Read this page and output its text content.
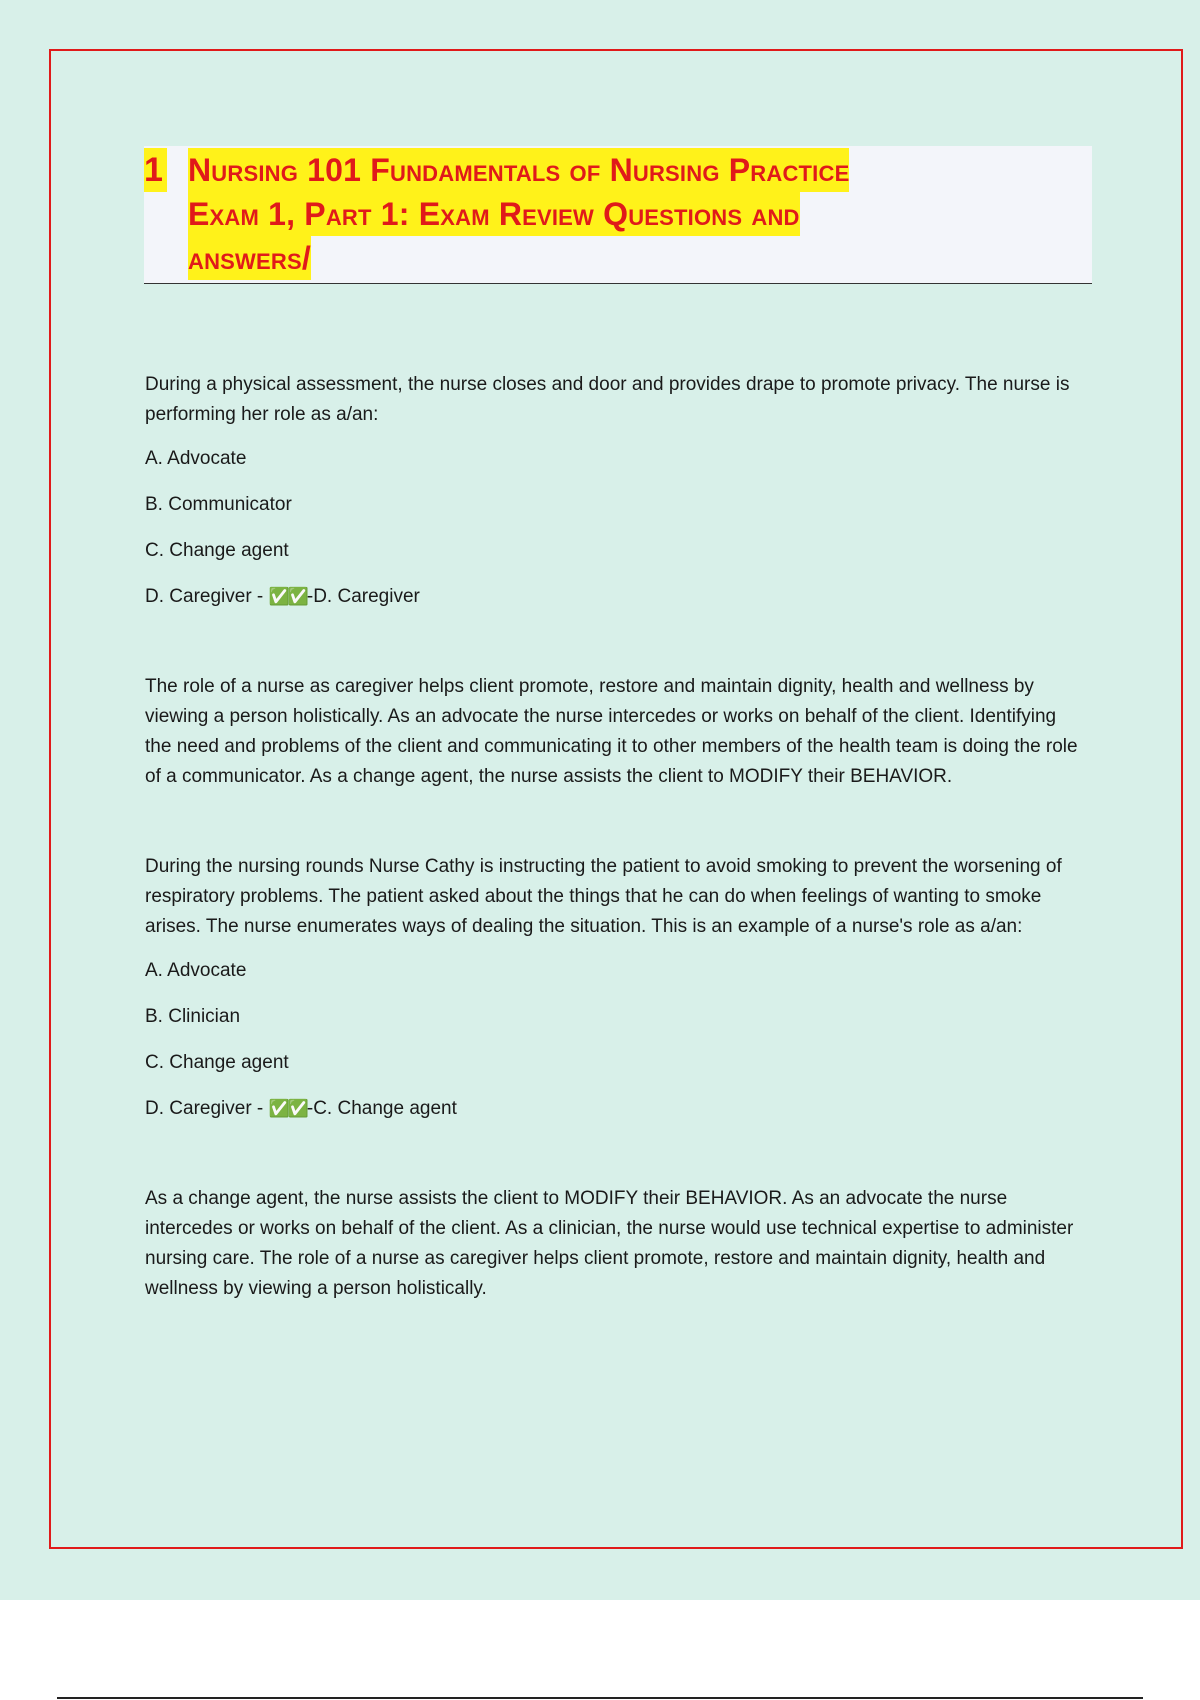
1 Nursing 101 Fundamentals of Nursing Practice
Exam 1, Part 1: Exam Review Questions and
answers/

During a physical assessment, the nurse closes and door and provides drape to promote privacy. The nurse is performing her role as a/an:

A. Advocate

B. Communicator

C. Change agent

D. Caregiver - ✅✅-D. Caregiver

The role of a nurse as caregiver helps client promote, restore and maintain dignity, health and wellness by viewing a person holistically. As an advocate the nurse intercedes or works on behalf of the client. Identifying the need and problems of the client and communicating it to other members of the health team is doing the role of a communicator. As a change agent, the nurse assists the client to MODIFY their BEHAVIOR.

During the nursing rounds Nurse Cathy is instructing the patient to avoid smoking to prevent the worsening of respiratory problems. The patient asked about the things that he can do when feelings of wanting to smoke arises. The nurse enumerates ways of dealing the situation. This is an example of a nurse's role as a/an:

A. Advocate

B. Clinician

C. Change agent

D. Caregiver - ✅✅-C. Change agent

As a change agent, the nurse assists the client to MODIFY their BEHAVIOR. As an advocate the nurse intercedes or works on behalf of the client. As a clinician, the nurse would use technical expertise to administer nursing care. The role of a nurse as caregiver helps client promote, restore and maintain dignity, health and wellness by viewing a person holistically.
